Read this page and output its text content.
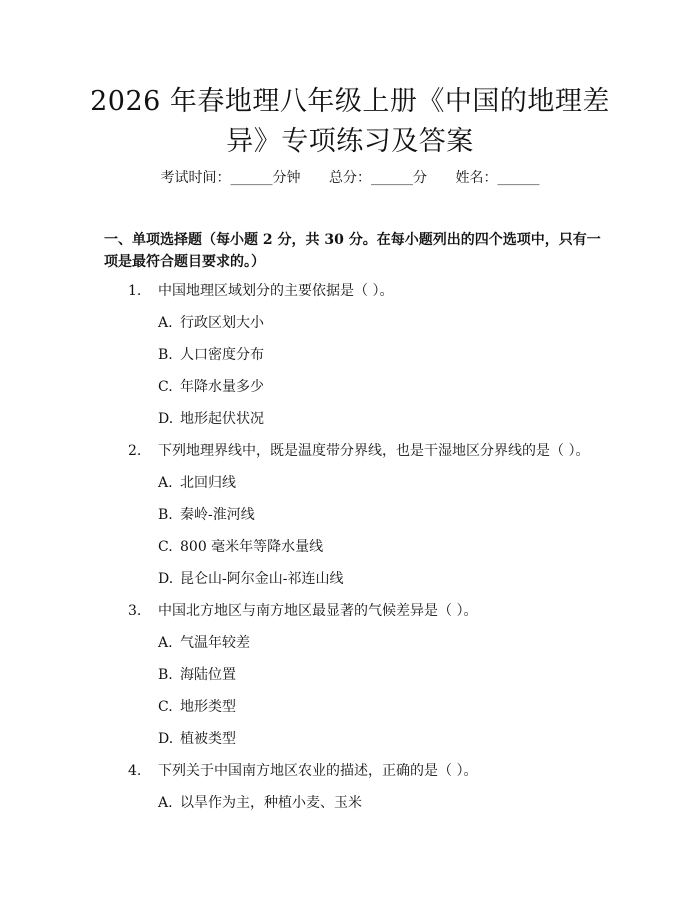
2026 年春地理八年级上册《中国的地理差
异》专项练习及答案
考试时间：______分钟 总分：______分 姓名：______
一、单项选择题（每小题 2 分，共 30 分。在每小题列出的四个选项中，只有一项是最符合题目要求的。）
1. 中国地理区域划分的主要依据是（ ）。
A. 行政区划大小
B. 人口密度分布
C. 年降水量多少
D. 地形起伏状况
2. 下列地理界线中，既是温度带分界线，也是干湿地区分界线的是（ ）。
A. 北回归线
B. 秦岭-淮河线
C. 800 毫米年等降水量线
D. 昆仑山-阿尔金山-祁连山线
3. 中国北方地区与南方地区最显著的气候差异是（ ）。
A. 气温年较差
B. 海陆位置
C. 地形类型
D. 植被类型
4. 下列关于中国南方地区农业的描述，正确的是（ ）。
A. 以旱作为主，种植小麦、玉米
